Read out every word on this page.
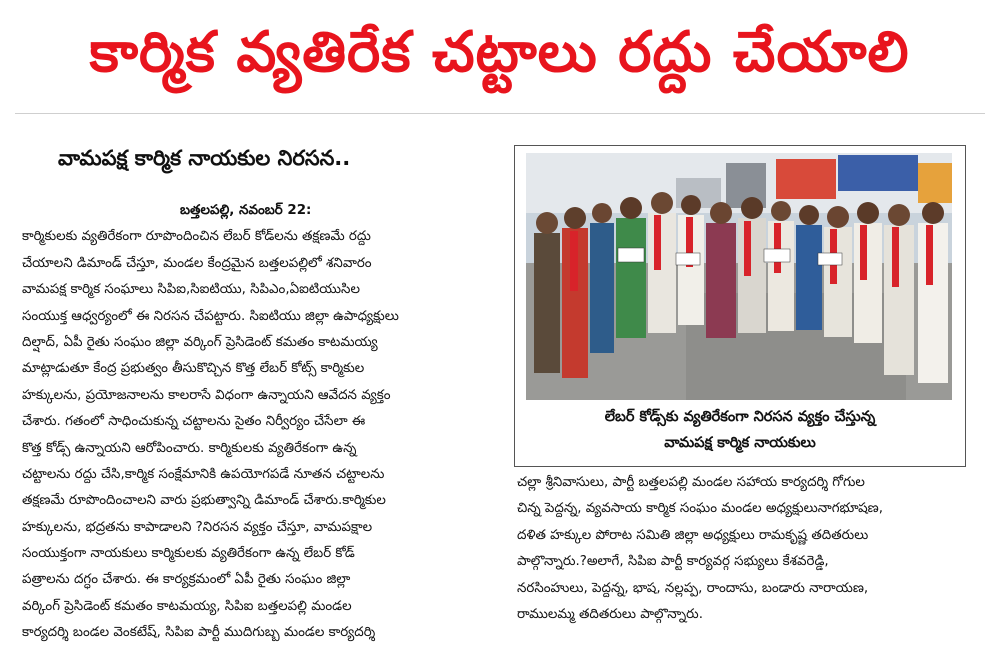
కార్మిక వ్యతిరేక చట్టాలు రద్దు చేయాలి
వామపక్ష కార్మిక నాయకుల నిరసన..
బత్తలపల్లి, నవంబర్ 22:
కార్మికులకు వ్యతిరేకంగా రూపొందించిన లేబర్ కోడ్‌లను తక్షణమే రద్దు
చేయాలని డిమాండ్ చేస్తూ, మండల కేంద్రమైన బత్తలపల్లిలో శనివారం
వామపక్ష కార్మిక సంఘాలు సిపిఐ,సిఐటియు, సిపిఎం,ఏఐటియుసిల
సంయుక్త ఆధ్వర్యంలో ఈ నిరసన చేపట్టారు. సిఐటియు జిల్లా ఉపాధ్యక్షులు
దిల్షాద్, ఏపీ రైతు సంఘం జిల్లా వర్కింగ్ ప్రెసిడెంట్ కమతం కాటమయ్య
మాట్లాడుతూ కేంద్ర ప్రభుత్వం తీసుకొచ్చిన కొత్త లేబర్ కోట్స్ కార్మికుల
హక్కులను, ప్రయోజనాలను కాలరాసే విధంగా ఉన్నాయని ఆవేదన వ్యక్తం
చేశారు. గతంలో సాధించుకున్న చట్టాలను సైతం నిర్వీర్యం చేసేలా ఈ
కొత్త కోడ్స్ ఉన్నాయని ఆరోపించారు. కార్మికులకు వ్యతిరేకంగా ఉన్న
చట్టాలను రద్దు చేసి,కార్మిక సంక్షేమానికి ఉపయోగపడే నూతన చట్టాలను
తక్షణమే రూపొందించాలని వారు ప్రభుత్వాన్ని డిమాండ్ చేశారు.కార్మికుల
హక్కులను, భద్రతను కాపాడాలని ?నిరసన వ్యక్తం చేస్తూ, వామపక్షాల
సంయుక్తంగా నాయకులు కార్మికులకు వ్యతిరేకంగా ఉన్న లేబర్ కోడ్
పత్రాలను దగ్ధం చేశారు. ఈ కార్యక్రమంలో ఏపీ రైతు సంఘం జిల్లా
వర్కింగ్ ప్రెసిడెంట్ కమతం కాటమయ్య, సిపిఐ బత్తలపల్లి మండల
కార్యదర్శి బండల వెంకటేష్, సిపిఐ పార్టీ ముదిగుబ్బ మండల కార్యదర్శి
లేబర్ కోడ్స్‌కు వ్యతిరేకంగా నిరసన వ్యక్తం చేస్తున్న
వామపక్ష కార్మిక నాయకులు
చల్లా శ్రీనివాసులు, పార్టీ బత్తలపల్లి మండల సహాయ కార్యదర్శి గోగుల
చిన్న పెద్దన్న, వ్యవసాయ కార్మిక సంఘం మండల అధ్యక్షులునాగభూషణ,
దళిత హక్కుల పోరాట సమితి జిల్లా అధ్యక్షులు రామకృష్ణ తదితరులు
పాల్గొన్నారు.?అలాగే, సిపిఐ పార్టీ కార్యవర్గ సభ్యులు కేశవరెడ్డి,
నరసింహులు, పెద్దన్న, భాష, నల్లప్ప, రాందాసు, బండారు నారాయణ,
రాములమ్మ తదితరులు పాల్గొన్నారు.
